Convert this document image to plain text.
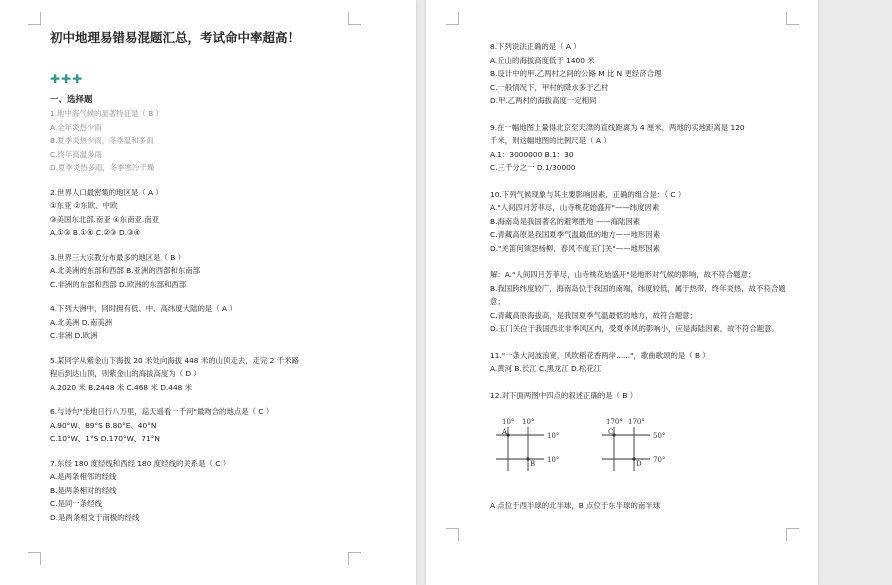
初中地理易错易混题汇总，考试命中率超高！
✚✚✚
一、选择题
1.地中海气候的显著特征是（ B ）
A.全年炎热少雨
B.夏季炎热少雨，冬季温和多雨
C.终年高温多雨
D.夏季炎热多雨，冬季寒冷干燥
2.世界人口最密集的地区是（ A ）
①东亚 ②东欧、中欧
③美国东北部.南亚 ④东南亚.南亚
A.①③ B.①④ C.②③ D.③④
3.世界三大宗教分布最多的地区是（ B ）
A.北美洲的东部和西部 B.亚洲的西部和东南部
C.非洲的东部和西部 D.欧洲的东部和西部
4.下列大洲中，同时拥有低、中、高纬度大陆的是（ A ）
A.北美洲 D.南美洲
C.非洲 D.欧洲
5.某同学从紫金山下海拔 20 米处向海拔 448 米的山顶走去，走完 2 千米路
程后到达山顶，则紫金山的海拔高度为（ D ）
A.2020 米 B.2448 米 C.468 米 D.448 米
6.与诗句"坐地日行八万里，巡天遥看一千河"最吻合的地点是（ C ）
A.90°W、89°S B.80°E、40°N
C.10°W、1°S D.170°W、71°N
7.东经 180 度经线和西经 180 度经线的关系是（ C ）
A.是两条相邻的经线
B.是两条相对的经线
C.是同一条经线
D.是两条相交于南极的经线
8.下列说法正确的是（ A ）
A.丘山的海拔高度低于 1400 米
B.设计中的甲.乙两村之间的公路 M 比 N 更经济合理
C.一般情况下，甲村的降水多于乙村
D.甲.乙两村的海拔高度一定相同
9.在一幅地图上量得北京至天津的直线距离为 4 厘米，两地的实地距离是 120
千米，则这幅地图的比例尺是（ A ）
A.1：3000000 B.1：30
C.三千分之一 D.1/30000
10.下列气候现象与其主要影响因素，正确的组合是：（ C ）
A."人间四月芳菲尽，山寺桃花始盛开"——纬度因素
B.海南岛是我国著名的避寒胜地 ——海陆因素
C.青藏高原是我国夏季气温最低的地方——地形因素
D."羌笛何须怨杨柳，春风不度玉门关"——地形因素
解：A."人间四月芳菲尽，山寺桃花始盛开"是地形对气候的影响，故不符合题意；
B.我国跨纬度较广，海南岛位于我国的南端，纬度较低，属于热带，终年炎热，故不符合题意；
C.青藏高原海拔高，是我国夏季气温最低的地方，故符合题意；
D.玉门关位于我国西北非季风区内，受夏季风的影响小，应是海陆因素，故不符合题意。
11."一条大河波浪宽，风吹稻花香两岸......"，歌曲歌颂的是（ B ）
A.黄河 B.长江 C.黑龙江 D.松花江
12.对下面两图中四点的叙述正确的是（ B ）
10° 10°
10°
10°
A
B
170° 170°
50°
70°
C
D
A 点位于西半球的北半球，B 点位于东半球的南半球
